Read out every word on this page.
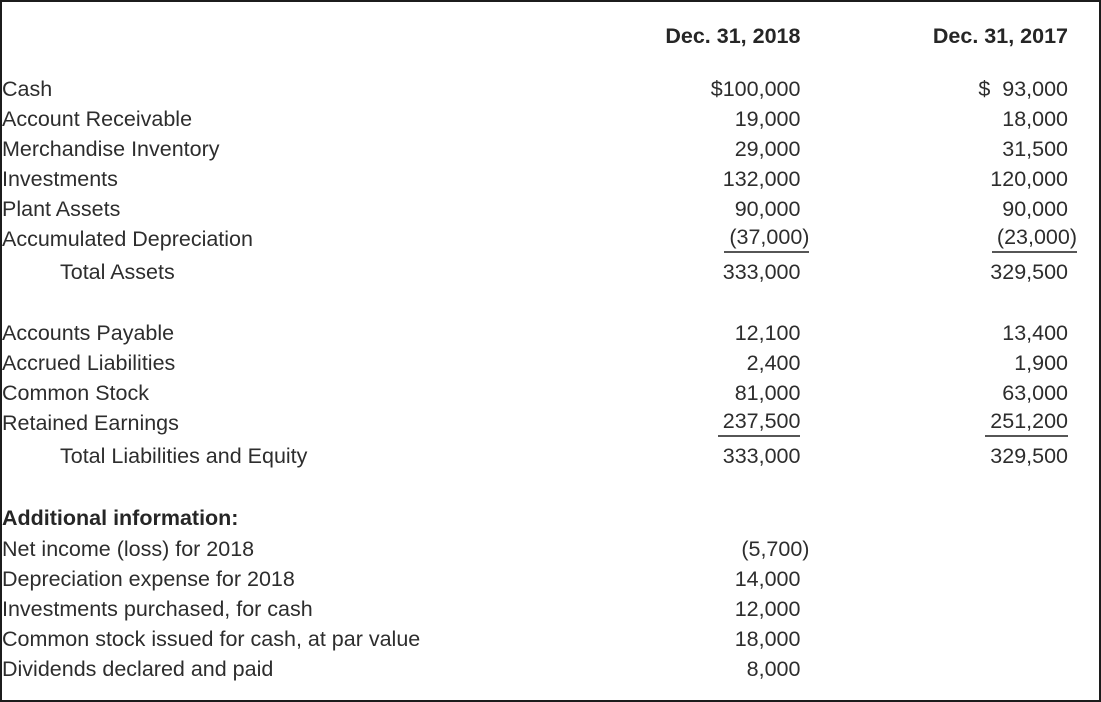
	Dec. 31, 2018	Dec. 31, 2017

Cash	$100,000	$  93,000
Account Receivable	19,000	18,000
Merchandise Inventory	29,000	31,500
Investments	132,000	120,000
Plant Assets	90,000	90,000
Accumulated Depreciation	(37,000)	(23,000)
Total Assets	333,000	329,500

Accounts Payable	12,100	13,400
Accrued Liabilities	2,400	1,900
Common Stock	81,000	63,000
Retained Earnings	237,500	251,200
Total Liabilities and Equity	333,000	329,500

Additional information:		
Net income (loss) for 2018	(5,700)	
Depreciation expense for 2018	14,000	
Investments purchased, for cash	12,000	
Common stock issued for cash, at par value	18,000	
Dividends declared and paid	8,000	
